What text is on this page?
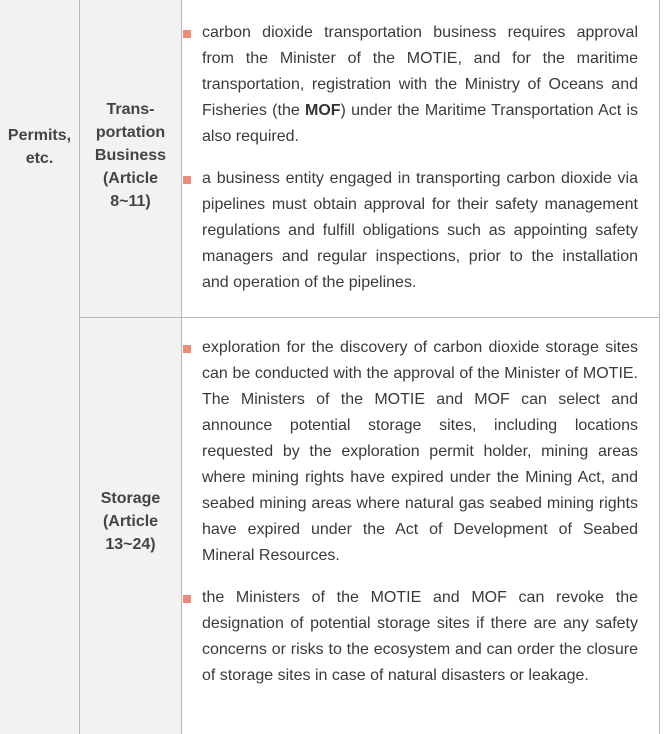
Permits,
etc.
Trans-
portation
Business
(Article
8~11)
Storage
(Article
13~24)
carbon dioxide transportation business requires approval from the Minister of the MOTIE, and for the maritime transportation, registration with the Ministry of Oceans and Fisheries (the MOF) under the Maritime Transportation Act is also required.
a business entity engaged in transporting carbon dioxide via pipelines must obtain approval for their safety management regulations and fulfill obligations such as appointing safety managers and regular inspections, prior to the installation and operation of the pipelines.
exploration for the discovery of carbon dioxide storage sites can be conducted with the approval of the Minister of MOTIE. The Ministers of the MOTIE and MOF can select and announce potential storage sites, including locations requested by the exploration permit holder, mining areas where mining rights have expired under the Mining Act, and seabed mining areas where natural gas seabed mining rights have expired under the Act of Development of Seabed Mineral Resources.
the Ministers of the MOTIE and MOF can revoke the designation of potential storage sites if there are any safety concerns or risks to the ecosystem and can order the closure of storage sites in case of natural disasters or leakage.
